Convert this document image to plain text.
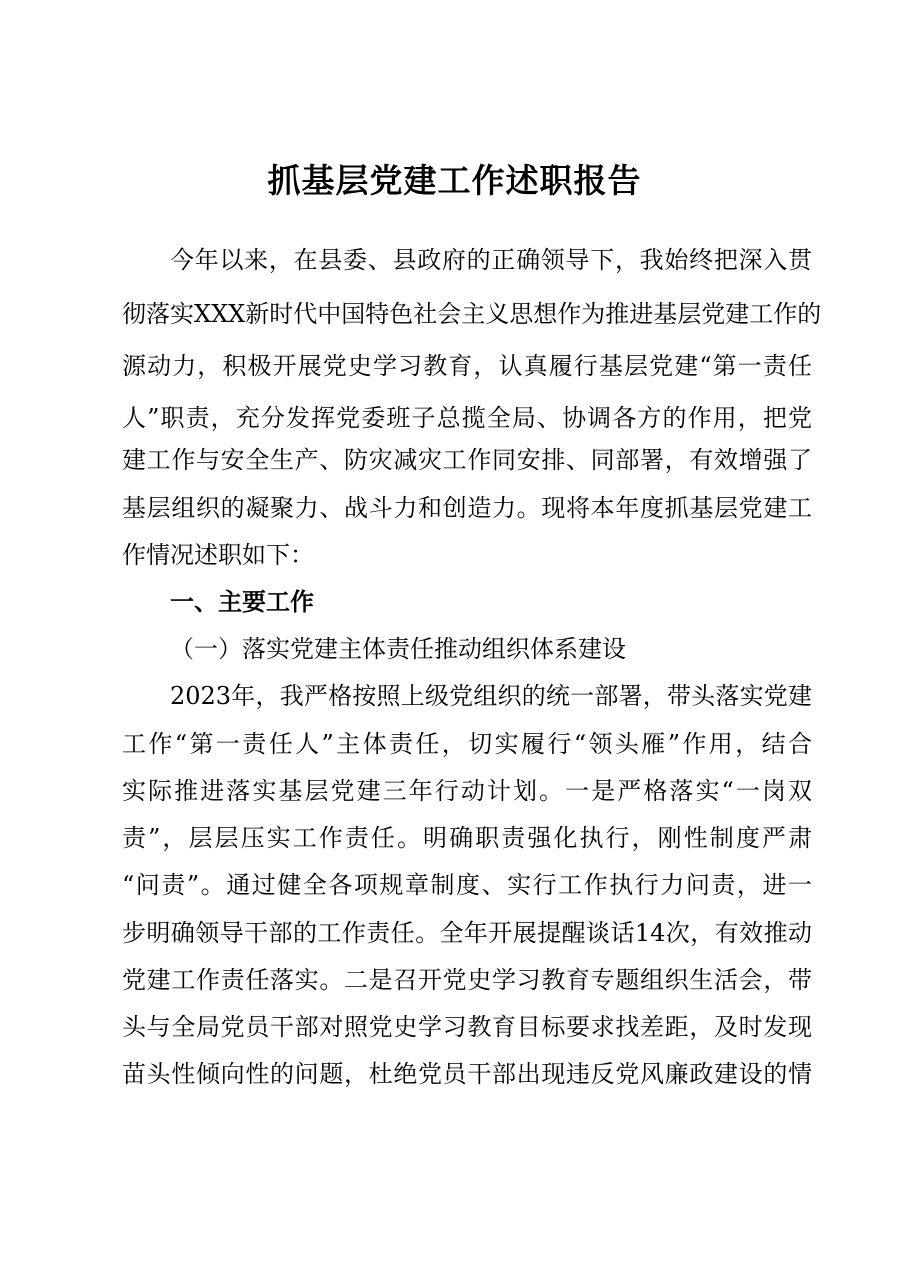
抓基层党建工作述职报告
今年以来，在县委、县政府的正确领导下，我始终把深入贯
彻落实XXX新时代中国特色社会主义思想作为推进基层党建工作的
源动力，积极开展党史学习教育，认真履行基层党建“第一责任
人”职责，充分发挥党委班子总揽全局、协调各方的作用，把党
建工作与安全生产、防灾减灾工作同安排、同部署，有效增强了
基层组织的凝聚力、战斗力和创造力。现将本年度抓基层党建工
作情况述职如下：
一、主要工作
（一）落实党建主体责任推动组织体系建设
2023年，我严格按照上级党组织的统一部署，带头落实党建
工作“第一责任人”主体责任，切实履行“领头雁”作用，结合
实际推进落实基层党建三年行动计划。一是严格落实“一岗双
责”，层层压实工作责任。明确职责强化执行，刚性制度严肃
“问责”。通过健全各项规章制度、实行工作执行力问责，进一
步明确领导干部的工作责任。全年开展提醒谈话14次，有效推动
党建工作责任落实。二是召开党史学习教育专题组织生活会，带
头与全局党员干部对照党史学习教育目标要求找差距，及时发现
苗头性倾向性的问题，杜绝党员干部出现违反党风廉政建设的情
